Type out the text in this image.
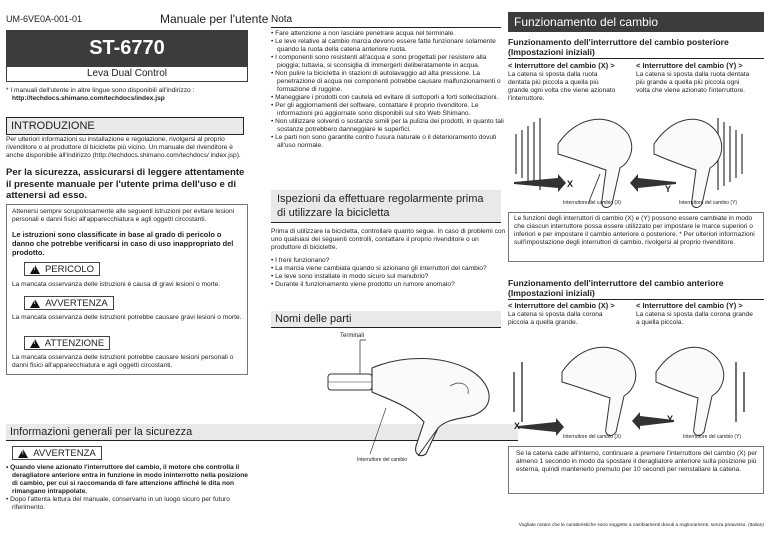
UM-6VE0A-001-01	Manuale per l'utente
ST-6770
Leva Dual Control
* I manuali dell'utente in altre lingue sono disponibili all'indirizzo :
http://techdocs.shimano.com/techdocs/index.jsp
INTRODUZIONE
Per ulteriori informazioni su installazione e regolazione, rivolgersi al proprio rivenditore o al produttore di biciclette più vicino. Un manuale del rivenditore è anche disponibile all'indirizzo (http://techdocs.shimano.com/techdocs/ index.jsp).
Per la sicurezza, assicurarsi di leggere attentamente il presente manuale per l'utente prima dell'uso e di attenersi ad esso.
Attenersi sempre scrupolosamente alle seguenti istruzioni per evitare lesioni personali e danni fisici all'apparecchiatura e agli oggetti circostanti.
Le istruzioni sono classificate in base al grado di pericolo o danno che potrebbe verificarsi in caso di uso inappropriato del prodotto.
!
PERICOLO
La mancata osservanza delle istruzioni è causa di gravi lesioni o morte.
!
AVVERTENZA
La mancata osservanza delle istruzioni potrebbe causare gravi lesioni o morte.
!
ATTENZIONE
La mancata osservanza delle istruzioni potrebbe causare lesioni personali o danni fisici all'apparecchiatura e agli oggetti circostanti.
Informazioni generali per la sicurezza
!
AVVERTENZA
• Quando viene azionato l'interruttore del cambio, il motore che controlla il deragliatore anteriore entra in funzione in modo ininterrotto nella posizione di cambio, per cui si raccomanda di fare attenzione affinché le dita non rimangano intrappolate.
• Dopo l'attenta lettura del manuale, conservarlo in un luogo sicuro per futuro riferimento.
Nota
• Fare attenzione a non lasciare penetrare acqua nel terminale.
• Le leve relative al cambio marcia devono essere fatte funzionare solamente quando la ruota della catena anteriore ruota.
• I componenti sono resistenti all'acqua e sono progettati per resistere alla pioggia; tuttavia, si sconsiglia di immergerli deliberatamente in acqua.
• Non pulire la bicicletta in stazioni di autolavaggio ad alta pressione. La penetrazione di acqua nei componenti potrebbe causare malfunzionamenti o formazione di ruggine.
• Maneggiare i prodotti con cautela ed evitare di sottoporli a forti sollecitazioni.
• Per gli aggiornamenti del software, contattare il proprio rivenditore. Le informazioni più aggiornate sono disponibili sul sito Web Shimano.
• Non utilizzare solventi o sostanze simili per la pulizia dei prodotti, in quanto tali sostanze potrebbero danneggiare le superfici.
• Le parti non sono garantite contro l'usura naturale o il deterioramento dovuti all'uso normale.
Ispezioni da effettuare regolarmente prima di utilizzare la bicicletta
Prima di utilizzare la bicicletta, controllare quanto segue. In caso di problemi con uno qualsiasi dei seguenti controlli, contattare il proprio rivenditore o un produttore di biciclette.
• I freni funzionano?
• La marcia viene cambiata quando si azionano gli interruttori del cambio?
• Le leve sono installate in modo sicuro sul manubrio?
• Durante il funzionamento viene prodotto un rumore anomalo?
Nomi delle parti
Terminali
Interruttore del cambio
Funzionamento del cambio
Funzionamento dell'interruttore del cambio posteriore (Impostazioni iniziali)
< Interruttore del cambio (X) >
La catena si sposta dalla ruota dentata più piccola a quella più grande ogni volta che viene azionato l'interruttore.
< Interruttore del cambio (Y) >
La catena si sposta dalla ruota dentata più grande a quella più piccola ogni volta che viene azionato l'interruttore.
X	Y
Interruttore del cambio (X)	Interruttore del cambio (Y)
Le funzioni degli interruttori di cambio (X) e (Y) possono essere cambiate in modo che ciascun interruttore possa essere utilizzato per impostare le marce superiori o inferiori e per impostare il cambio anteriore o posteriore. * Per ulteriori informazioni sull'impostazione degli interruttori di cambio, rivolgersi al proprio rivenditore.
Funzionamento dell'interruttore del cambio anteriore (Impostazioni iniziali)
< Interruttore del cambio (X) >
La catena si sposta dalla corona piccola a quella grande.
< Interruttore del cambio (Y) >
La catena si sposta dalla corona grande a quella piccola.
X
Y
Interruttore del cambio (X)	Interruttore del cambio (Y)
Se la catena cade all'interno, continuare a premere l'interruttore del cambio (X) per almeno 1 secondo in modo da spostare il deragliatore anteriore sulla posizione più esterna, quindi mantenerlo premuto per 10 secondi per reinstallare la catena.
Vogliate notare che le caratteristiche sono soggette a cambiamenti dovuti a miglioramenti, senza preavviso. (Italian)
